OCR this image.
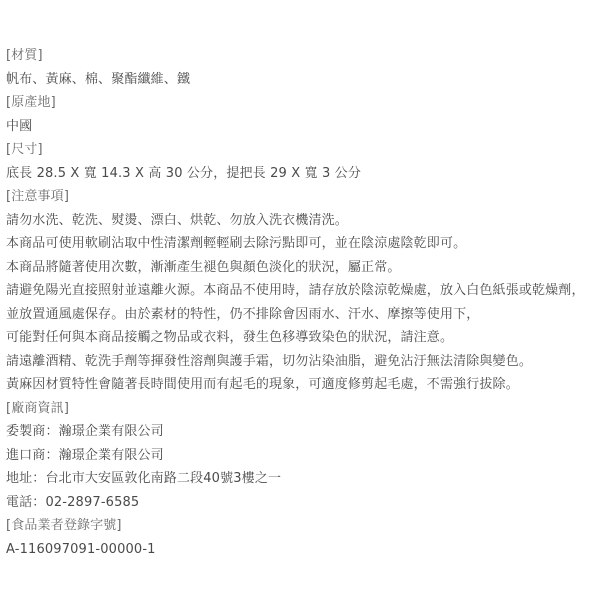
[材質]
帆布、黃麻、棉、聚酯纖維、鐵
[原產地]
中國
[尺寸]
底長 28.5 X 寬 14.3 X 高 30 公分，提把長 29 X 寬 3 公分
[注意事項]
請勿水洗、乾洗、熨燙、漂白、烘乾、勿放入洗衣機清洗。
本商品可使用軟刷沾取中性清潔劑輕輕刷去除污點即可，並在陰涼處陰乾即可。
本商品將隨著使用次數，漸漸產生褪色與顏色淡化的狀況，屬正常。
請避免陽光直接照射並遠離火源。本商品不使用時，請存放於陰涼乾燥處，放入白色紙張或乾燥劑，
並放置通風處保存。由於素材的特性，仍不排除會因雨水、汗水、摩擦等使用下，
可能對任何與本商品接觸之物品或衣料，發生色移導致染色的狀況，請注意。
請遠離酒精、乾洗手劑等揮發性溶劑與護手霜，切勿沾染油脂，避免沾汙無法清除與變色。
黃麻因材質特性會隨著長時間使用而有起毛的現象，可適度修剪起毛處，不需強行拔除。
[廠商資訊]
委製商：瀚璟企業有限公司
進口商：瀚璟企業有限公司
地址：台北市大安區敦化南路二段40號3樓之一
電話：02-2897-6585
[食品業者登錄字號]
A-116097091-00000-1
